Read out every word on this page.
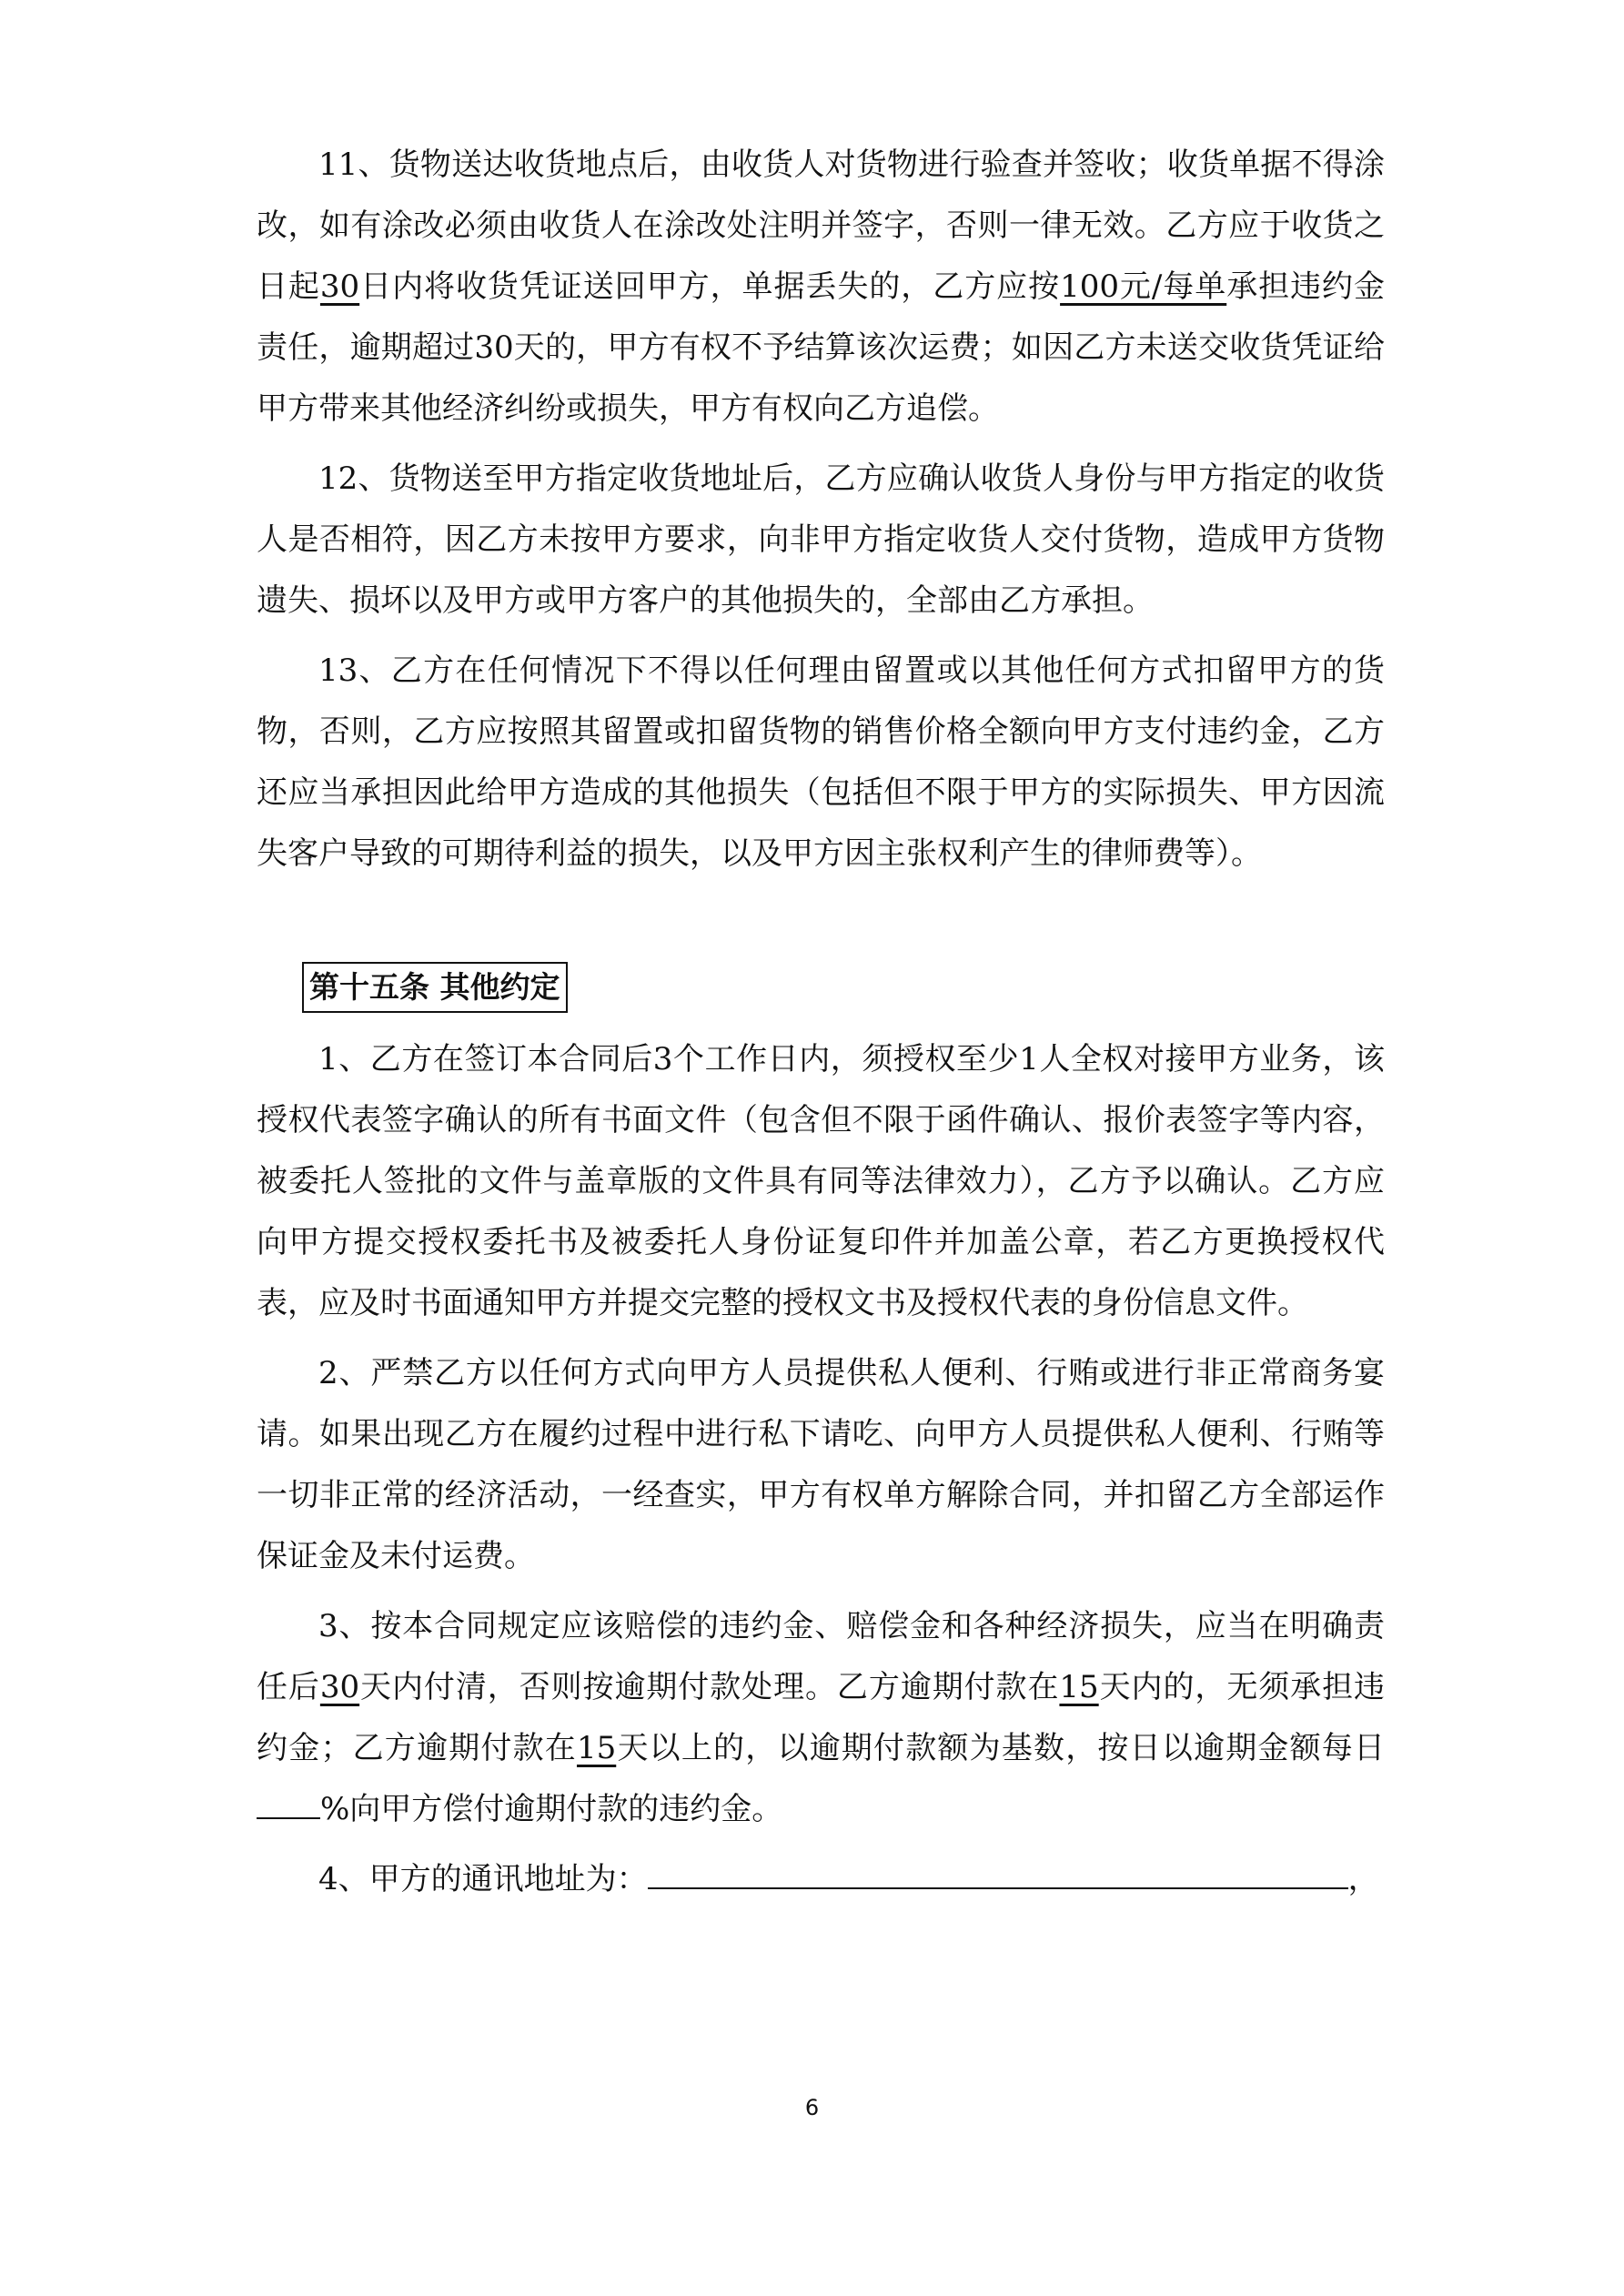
11、货物送达收货地点后，由收货人对货物进行验查并签收；收货单据不得涂改，如有涂改必须由收货人在涂改处注明并签字，否则一律无效。乙方应于收货之日起30日内将收货凭证送回甲方，单据丢失的，乙方应按100元/每单承担违约金责任，逾期超过30天的，甲方有权不予结算该次运费；如因乙方未送交收货凭证给甲方带来其他经济纠纷或损失，甲方有权向乙方追偿。

12、货物送至甲方指定收货地址后，乙方应确认收货人身份与甲方指定的收货人是否相符，因乙方未按甲方要求，向非甲方指定收货人交付货物，造成甲方货物遗失、损坏以及甲方或甲方客户的其他损失的，全部由乙方承担。

13、乙方在任何情况下不得以任何理由留置或以其他任何方式扣留甲方的货物，否则，乙方应按照其留置或扣留货物的销售价格全额向甲方支付违约金，乙方还应当承担因此给甲方造成的其他损失（包括但不限于甲方的实际损失、甲方因流失客户导致的可期待利益的损失，以及甲方因主张权利产生的律师费等）。

第十五条 其他约定

1、乙方在签订本合同后3个工作日内，须授权至少1人全权对接甲方业务，该授权代表签字确认的所有书面文件（包含但不限于函件确认、报价表签字等内容，被委托人签批的文件与盖章版的文件具有同等法律效力），乙方予以确认。乙方应向甲方提交授权委托书及被委托人身份证复印件并加盖公章，若乙方更换授权代表，应及时书面通知甲方并提交完整的授权文书及授权代表的身份信息文件。

2、严禁乙方以任何方式向甲方人员提供私人便利、行贿或进行非正常商务宴请。如果出现乙方在履约过程中进行私下请吃、向甲方人员提供私人便利、行贿等一切非正常的经济活动，一经查实，甲方有权单方解除合同，并扣留乙方全部运作保证金及未付运费。

3、按本合同规定应该赔偿的违约金、赔偿金和各种经济损失，应当在明确责任后30天内付清，否则按逾期付款处理。乙方逾期付款在15天内的，无须承担违约金；乙方逾期付款在15天以上的，以逾期付款额为基数，按日以逾期金额每日%向甲方偿付逾期付款的违约金。

4、甲方的通讯地址为：	，

6
